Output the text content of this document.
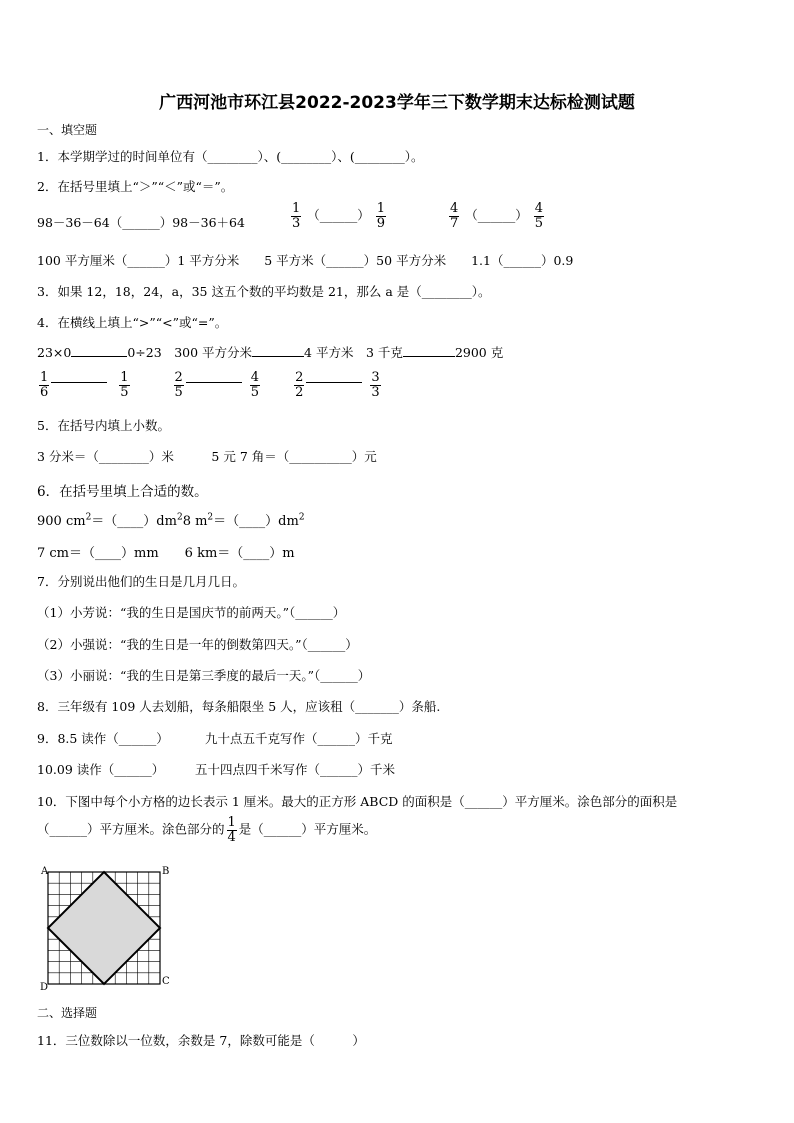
广西河池市环江县2022-2023学年三下数学期末达标检测试题
一、填空题
1．本学期学过的时间单位有（________）、(________）、(________）。
2．在括号里填上“＞”“＜”或“＝”。
98－36－64（______）98－36＋64	$\frac{1}{3}$ （______） $\frac{1}{9}$	$\frac{4}{7}$ （______） $\frac{4}{5}$
100 平方厘米（______）1 平方分米　　5 平方米（______）50 平方分米　　1.1（______）0.9
3．如果 12，18，24，a，35 这五个数的平均数是 21，那么 a 是（________）。
4．在横线上填上“>”“<”或“=”。
23×0	0÷23　 300 平方分米	4 平方米　 3 千克	2900 克
$\frac{1}{6}$
	$\frac{1}{5}$
	$\frac{2}{5}$
	$\frac{4}{5}$
	$\frac{2}{2}$
	$\frac{3}{3}$
5．在括号内填上小数。
3 分米＝（________）米　　　5 元 7 角＝（__________）元
6．在括号里填上合适的数。
900 $cm^2=(\_\_\_\_)dm^28$ $m^2=(\_\_\_\_)dm^2$
7 cm＝（____）mm　　6 km＝（____）m
7．分别说出他们的生日是几月几日。
（1）小芳说：“我的生日是国庆节的前两天。”（______）
（2）小强说：“我的生日是一年的倒数第四天。”（______）
（3）小丽说：“我的生日是第三季度的最后一天。”（______）
8．三年级有 109 人去划船，每条船限坐 5 人，应该租（_______）条船.
9．8.5 读作（______）	九十点五千克写作（______）千克
10.09 读作（______） 五十四点四千米写作（______）千米
10．下图中每个小方格的边长表示 1 厘米。最大的正方形 ABCD 的面积是（______）平方厘米。涂色部分的面积是
（______）平方厘米。涂色部分的 $\frac{1}{4}$ 是（______）平方厘米。
A	B
C
D
二、选择题
11．三位数除以一位数，余数是 7，除数可能是（　　　）
